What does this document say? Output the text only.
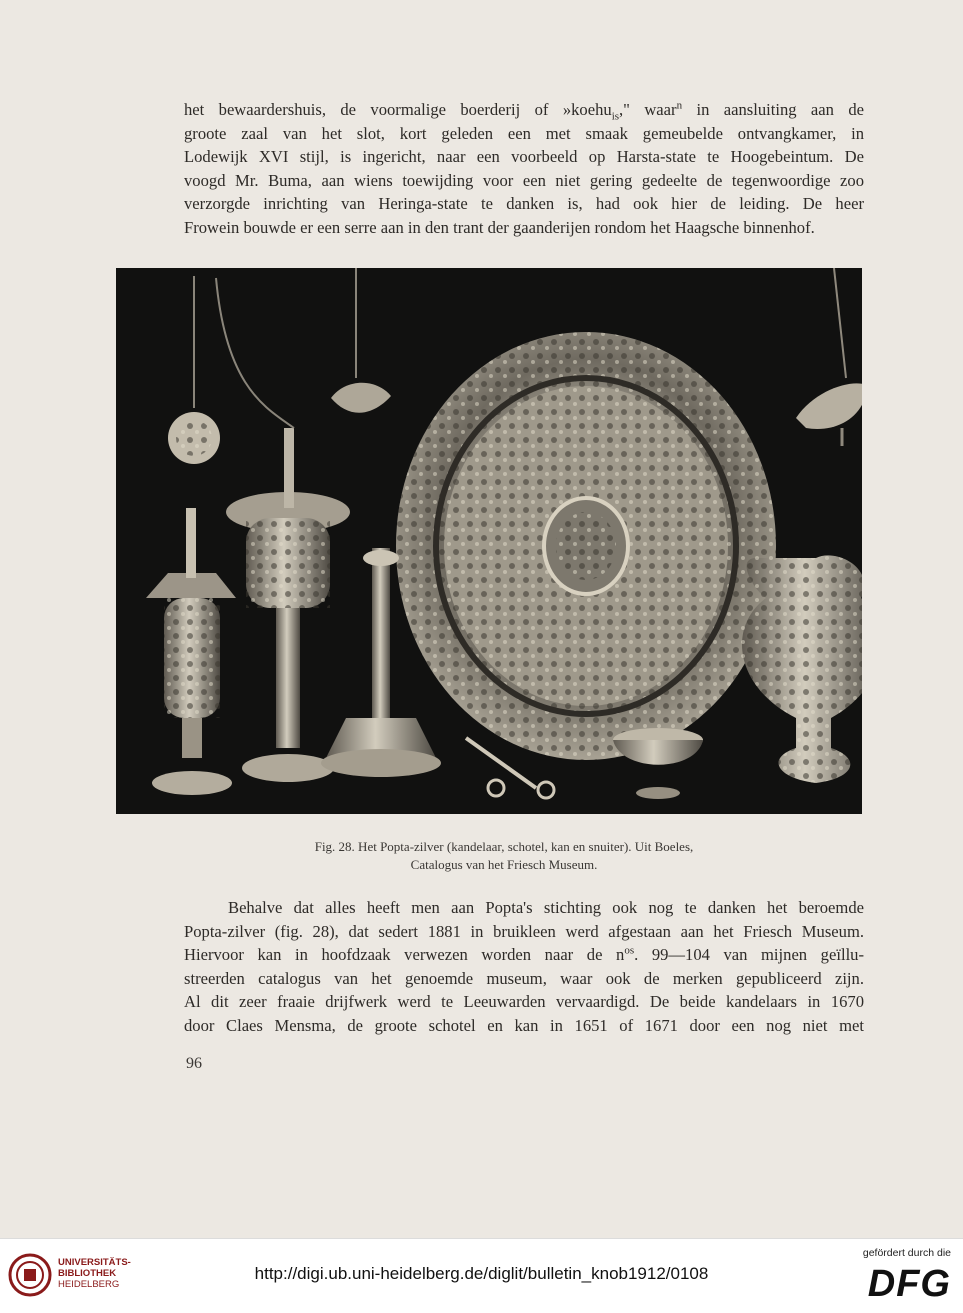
het bewaardershuis, de voormalige boerderij of »koehu$_{is}$," waar$^n$ in aansluiting aan de
groote zaal van het slot, kort geleden een met smaak gemeubelde ontvangkamer, in
Lodewijk XVI stijl, is ingericht, naar een voorbeeld op Harsta-state te Hoogebeintum. De
voogd Mr. Buma, aan wiens toewijding voor een niet gering gedeelte de tegenwoordige zoo
verzorgde inrichting van Heringa-state te danken is, had ook hier de leiding. De heer
Frowein bouwde er een serre aan in den trant der gaanderijen rondom het Haagsche binnenhof.

Fig. 28. Het Popta-zilver (kandelaar, schotel, kan en snuiter). Uit Boeles,
Catalogus van het Friesch Museum.

Behalve dat alles heeft men aan Popta's stichting ook nog te danken het beroemde
Popta-zilver (fig. 28), dat sedert 1881 in bruikleen werd afgestaan aan het Friesch Museum.
Hiervoor kan in hoofdzaak verwezen worden naar de $n^{os}$. 99—104 van mijnen geïllu-
streerden catalogus van het genoemde museum, waar ook de merken gepubliceerd zijn.
Al dit zeer fraaie drijfwerk werd te Leeuwarden vervaardigd. De beide kandelaars in 1670
door Claes Mensma, de groote schotel en kan in 1651 of 1671 door een nog niet met

96
UNIVERSITÄTS-
BIBLIOTHEK
HEIDELBERG
http://digi.ub.uni-heidelberg.de/diglit/bulletin_knob1912/0108
gefördert durch die
DFG
